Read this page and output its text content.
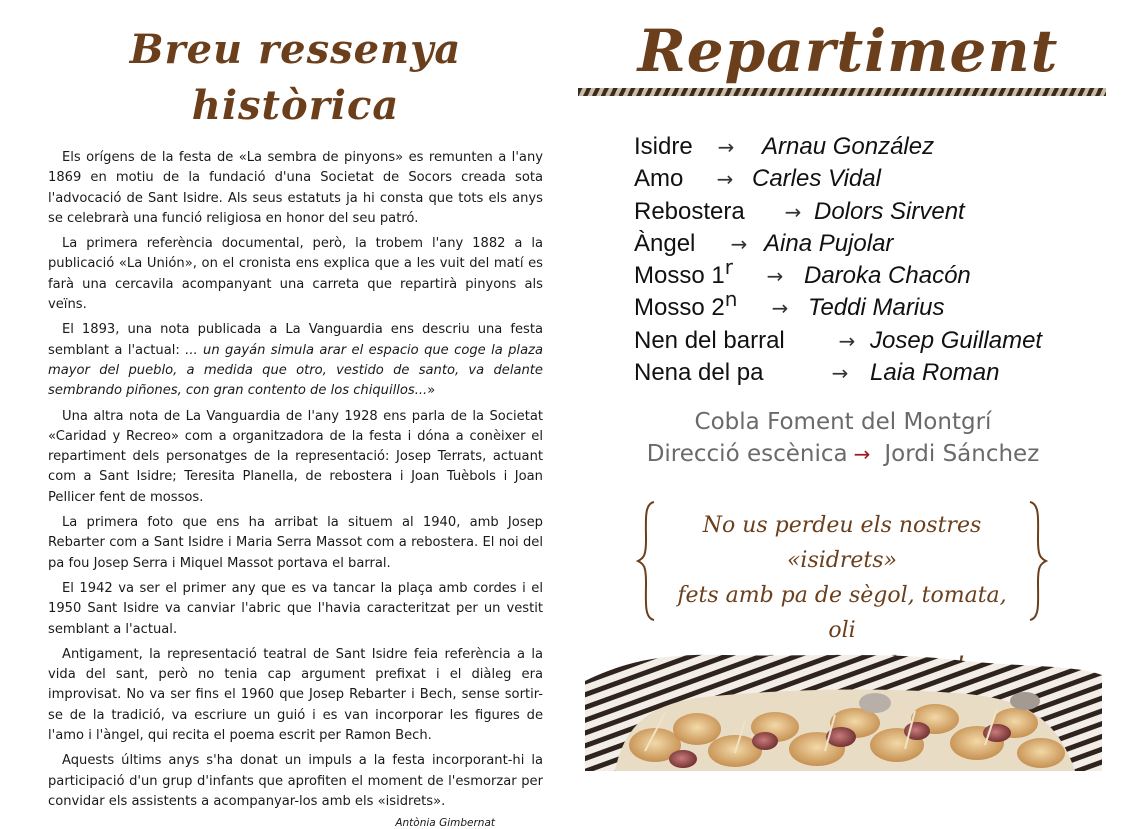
Breu ressenya històrica

Els orígens de la festa de «La sembra de pinyons» es remunten a l'any 1869 en motiu de la fundació d'una Societat de Socors creada sota l'advocació de Sant Isidre. Als seus estatuts ja hi consta que tots els anys se celebrarà una funció religiosa en honor del seu patró.

La primera referència documental, però, la trobem l'any 1882 a la publicació «La Unión», on el cronista ens explica que a les vuit del matí es farà una cercavila acompanyant una carreta que repartirà pinyons als veïns.

El 1893, una nota publicada a La Vanguardia ens descriu una festa semblant a l'actual: ... un gayán simula arar el espacio que coge la plaza mayor del pueblo, a medida que otro, vestido de santo, va delante sembrando piñones, con gran contento de los chiquillos...»

Una altra nota de La Vanguardia de l'any 1928 ens parla de la Societat «Caridad y Recreo» com a organitzadora de la festa i dóna a conèixer el repartiment dels personatges de la representació: Josep Terrats, actuant com a Sant Isidre; Teresita Planella, de rebostera i Joan Tuèbols i Joan Pellicer fent de mossos.

La primera foto que ens ha arribat la situem al 1940, amb Josep Rebarter com a Sant Isidre i Maria Serra Massot com a rebostera. El noi del pa fou Josep Serra i Miquel Massot portava el barral.

El 1942 va ser el primer any que es va tancar la plaça amb cordes i el 1950 Sant Isidre va canviar l'abric que l'havia caracteritzat per un vestit semblant a l'actual.

Antigament, la representació teatral de Sant Isidre feia referència a la vida del sant, però no tenia cap argument prefixat i el diàleg era improvisat. No va ser fins el 1960 que Josep Rebarter i Bech, sense sortir-se de la tradició, va escriure un guió i es van incorporar les figures de l'amo i l'àngel, qui recita el poema escrit per Ramon Bech.

Aquests últims anys s'ha donat un impuls a la festa incorporant-hi la participació d'un grup d'infants que aprofiten el moment de l'esmorzar per convidar els assistents a acompanyar-los amb els «isidrets».

Antònia Gimbernat
Repartiment
Isidre	→	Arnau González
Amo	→ Carles Vidal
Rebostera	→ Dolors Sirvent
Àngel	→ Aina Pujolar
Mosso $1^r$	→ Daroka Chacón
Mosso $2^n$	→ Teddi Marius
Nen del barral	→ Josep Guillamet
Nena del pa	→ Laia Roman
Cobla Foment del Montgrí
Direcció escènica → Jordi Sánchez
No us perdeu els nostres «isidrets»
fets amb pa de sègol, tomata, oli
